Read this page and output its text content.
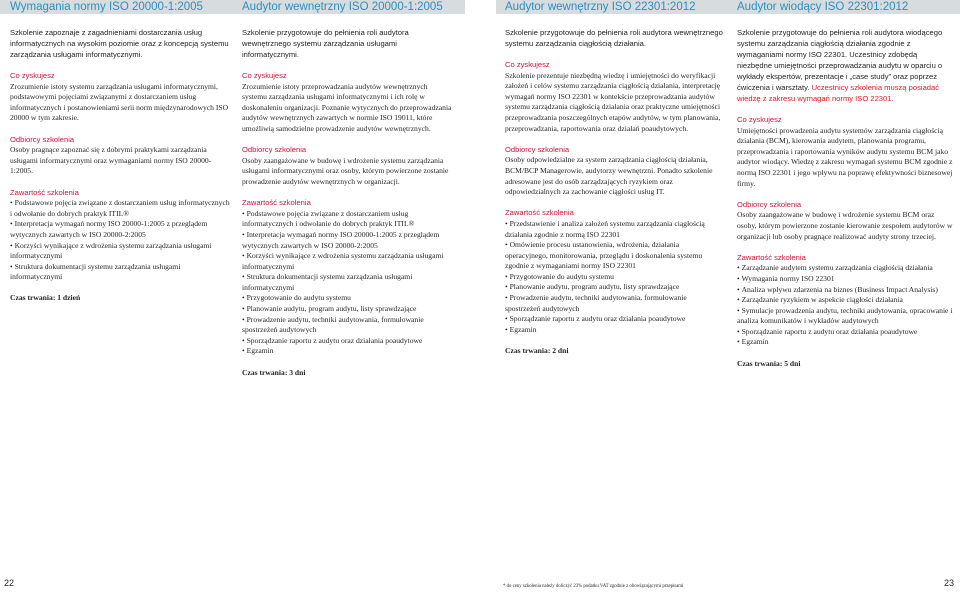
Wymagania normy ISO 20000-1:2005
Szkolenie zapoznaje z zagadnieniami dostarczania usług informatycznych na wysokim poziomie oraz z koncepcją systemu zarządzania usługami informatycznymi.
Co zyskujesz
Zrozumienie istoty systemu zarządzania usługami informatycznymi, podstawowymi pojęciami związanymi z dostarczaniem usług informatycznych i postanowieniami serii norm międzynarodowych ISO 20000 w tym zakresie.
Odbiorcy szkolenia
Osoby pragnące zapoznać się z dobrymi praktykami zarządzania usługami informatycznymi oraz wymaganiami normy ISO 20000-1:2005.
Zawartość szkolenia
• Podstawowe pojęcia związane z dostarczaniem usług informatycznych i odwołanie do dobrych praktyk ITIL®
• Interpretacja wymagań normy ISO 20000-1:2005 z przeglądem wytycznych zawartych w ISO 20000-2:2005
• Korzyści wynikające z wdrożenia systemu zarządzania usługami informatycznymi
• Struktura dokumentacji systemu zarządzania usługami informatycznymi
Czas trwania: 1 dzień
Audytor wewnętrzny ISO 20000-1:2005
Szkolenie przygotowuje do pełnienia roli audytora wewnętrznego systemu zarządzania usługami informatycznymi.
Co zyskujesz
Zrozumienie istoty przeprowadzania audytów wewnętrznych systemu zarządzania usługami informatycznymi i ich rolę w doskonaleniu organizacji. Poznanie wytycznych do przeprowadzania audytów wewnętrznych zawartych w normie ISO 19011, które umożliwią samodzielne prowadzenie audytów wewnętrznych.
Odbiorcy szkolenia
Osoby zaangażowane w budowę i wdrożenie systemu zarządzania usługami informatycznymi oraz osoby, którym powierzone zostanie prowadzenie audytów wewnętrznych w organizacji.
Zawartość szkolenia
• Podstawowe pojęcia związane z dostarczaniem usług informatycznych i odwołanie do dobrych praktyk ITIL®
• Interpretacja wymagań normy ISO 20000-1:2005 z przeglądem wytycznych zawartych w ISO 20000-2:2005
• Korzyści wynikające z wdrożenia systemu zarządzania usługami informatycznymi
• Struktura dokumentacji systemu zarządzania usługami informatycznymi
• Przygotowanie do audytu systemu
• Planowanie audytu, program audytu, listy sprawdzające
• Prowadzenie audytu, techniki audytowania, formułowanie spostrzeżeń audytowych
• Sporządzanie raportu z audytu oraz działania poaudytowe
• Egzamin
Czas trwania: 3 dni
Audytor wewnętrzny ISO 22301:2012
Szkolenie przygotowuje do pełnienia roli audytora wewnętrznego systemu zarządzania ciągłością działania.
Co zyskujesz
Szkolenie prezentuje niezbędną wiedzę i umiejętności do weryfikacji założeń i celów systemu zarządzania ciągłością działania, interpretację wymagań normy ISO 22301 w kontekście przeprowadzania audytów systemu zarządzania ciągłością działania oraz praktyczne umiejętności przeprowadzania poszczególnych etapów audytów, w tym planowania, przeprowadzania, raportowania oraz działań poaudytowych.
Odbiorcy szkolenia
Osoby odpowiedzialne za system zarządzania ciągłością działania, BCM/BCP Managerowie, audytorzy wewnętrzni. Ponadto szkolenie adresowane jest do osób zarządzających ryzykiem oraz odpowiedzialnych za zachowanie ciągłości usług IT.
Zawartość szkolenia
• Przedstawienie i analiza założeń systemu zarządzania ciągłością działania zgodnie z normą ISO 22301
• Omówienie procesu ustanowienia, wdrożenia, działania operacyjnego, monitorowania, przeglądu i doskonalenia systemu zgodnie z wymaganiami normy ISO 22301
• Przygotowanie do audytu systemu
• Planowanie audytu, program audytu, listy sprawdzające
• Prowadzenie audytu, techniki audytowania, formułowanie spostrzeżeń audytowych
• Sporządzanie raportu z audytu oraz działania poaudytowe
• Egzamin
Czas trwania: 2 dni
Audytor wiodący ISO 22301:2012
Szkolenie przygotowuje do pełnienia roli audytora wiodącego systemu zarządzania ciągłością działania zgodnie z wymaganiami normy ISO 22301. Uczestnicy zdobędą niezbędne umiejętności przeprowadzania audytu w oparciu o wykłady ekspertów, prezentacje i „case study” oraz poprzez ćwiczenia i warsztaty. Uczestnicy szkolenia muszą posiadać wiedzę z zakresu wymagań normy ISO 22301.
Co zyskujesz
Umiejętności prowadzenia audytu systemów zarządzania ciągłością działania (BCM), kierowania audytem, planowania programu, przeprowadzania i raportowania wyników audytu systemu BCM jako audytor wiodący. Wiedzę z zakresu wymagań systemu BCM zgodnie z normą ISO 22301 i jego wpływu na poprawę efektywności biznesowej firmy.
Odbiorcy szkolenia
Osoby zaangażowane w budowę i wdrożenie systemu BCM oraz osoby, którym powierzone zostanie kierowanie zespołem audytorów w organizacji lub osoby pragnące realizować audyty strony trzeciej.
Zawartość szkolenia
• Zarządzanie audytem systemu zarządzania ciągłością działania
• Wymagania normy ISO 22301
• Analiza wpływu zdarzenia na biznes (Business Impact Analysis)
• Zarządzanie ryzykiem w aspekcie ciągłości działania
• Symulacje prowadzenia audytu, techniki audytowania, opracowanie i analiza komunikatów i wykładów audytowych
• Sporządzanie raportu z audytu oraz działania poaudytowe
• Egzamin
Czas trwania: 5 dni
22	23
* do ceny szkolenia należy doliczyć 23% podatku VAT zgodnie z obowiązującymi przepisami
